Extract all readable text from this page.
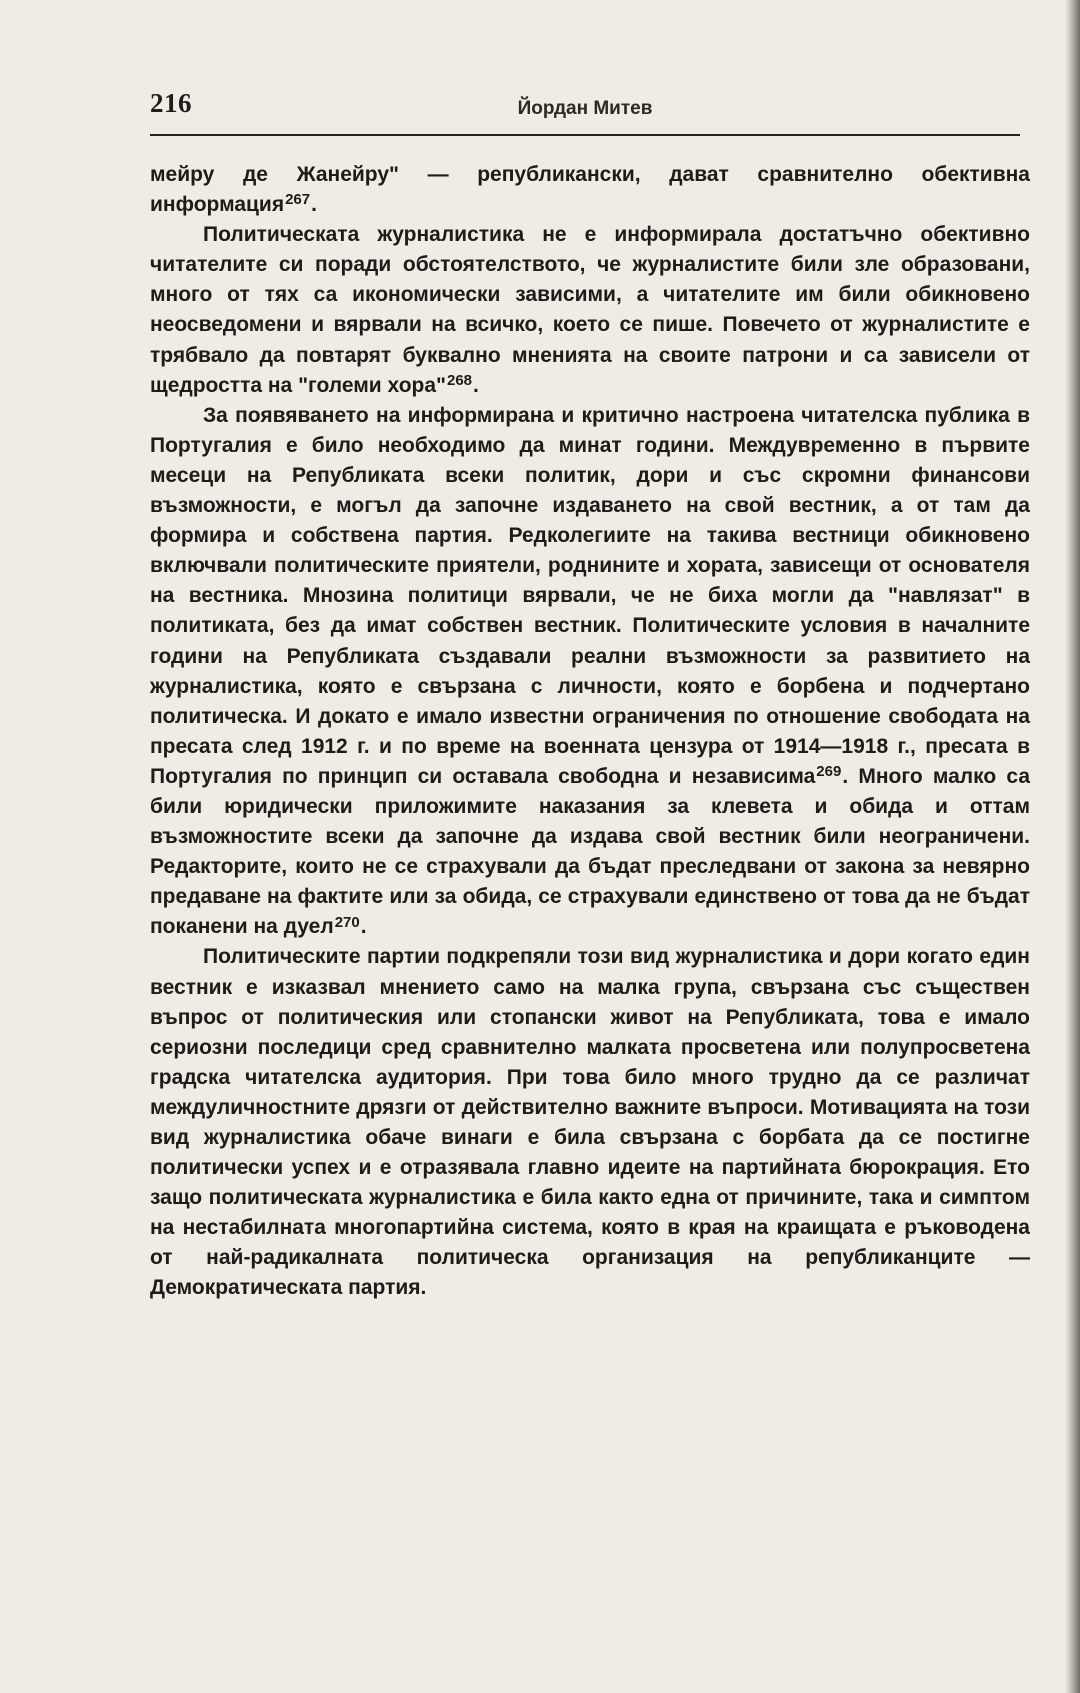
216	Йордан Митев

мейру де Жанейру" — републикански, дават сравнително обективна информация$^{267}$.

Политическата журналистика не е информирала достатъчно обективно читателите си поради обстоятелството, че журналистите били зле образовани, много от тях са икономически зависими, а читателите им били обикновено неосведомени и вярвали на всичко, което се пише. Повечето от журналистите е трябвало да повтарят буквално мненията на своите патрони и са зависели от щедростта на "големи хора"$^{268}$.

За появяването на информирана и критично настроена читателска публика в Португалия е било необходимо да минат години. Междувременно в първите месеци на Републиката всеки политик, дори и със скромни финансови възможности, е могъл да започне издаването на свой вестник, а от там да формира и собствена партия. Редколегиите на такива вестници обикновено включвали политическите приятели, роднините и хората, зависещи от основателя на вестника. Мнозина политици вярвали, че не биха могли да "навлязат" в политиката, без да имат собствен вестник. Политическите условия в началните години на Републиката създавали реални възможности за развитието на журналистика, която е свързана с личности, която е борбена и подчертано политическа. И докато е имало известни ограничения по отношение свободата на пресата след 1912 г. и по време на военната цензура от 1914—1918 г., пресата в Португалия по принцип си оставала свободна и независима$^{269}$. Много малко са били юридически приложимите наказания за клевета и обида и оттам възможностите всеки да започне да издава свой вестник били неограничени. Редакторите, които не се страхували да бъдат преследвани от закона за невярно предаване на фактите или за обида, се страхували единствено от това да не бъдат поканени на дуел$^{270}$.

Политическите партии подкрепяли този вид журналистика и дори когато един вестник е изказвал мнението само на малка група, свързана със съществен въпрос от политическия или стопански живот на Републиката, това е имало сериозни последици сред сравнително малката просветена или полупросветена градска читателска аудитория. При това било много трудно да се различат междуличностните дрязги от действително важните въпроси. Мотивацията на този вид журналистика обаче винаги е била свързана с борбата да се постигне политически успех и е отразявала главно идеите на партийната бюрокрация. Ето защо политическата журналистика е била както една от причините, така и симптом на нестабилната многопартийна система, която в края на краищата е ръководена от най-радикалната политическа организация на републиканците — Демократическата партия.
